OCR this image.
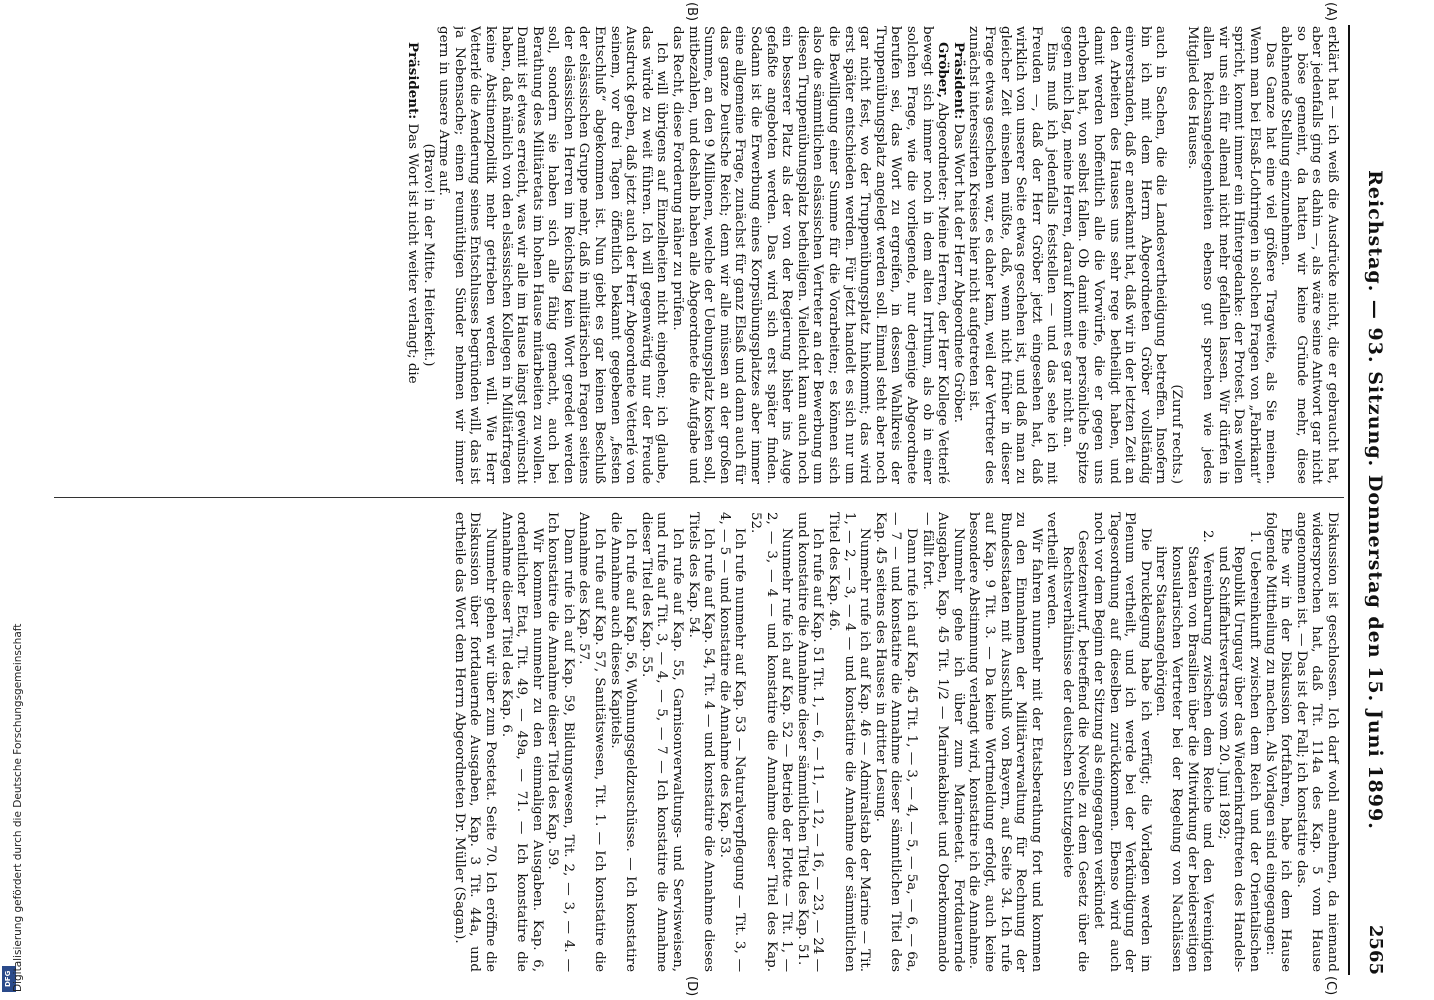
Reichstag. — 93. Sitzung. Donnerstag den 15. Juni 1899.
2565
(A)
(B)
(C)
(D)

erklärt hat — ich weiß die Ausdrücke nicht, die er gebraucht hat, aber jedenfalls ging es dahin —, als wäre seine Antwort gar nicht so böse gemeint, da hatten wir keine Gründe mehr, diese ablehnende Stellung einzunehmen.

Das Ganze hat eine viel größere Tragweite, als Sie meinen. Wenn man bei Elsaß-Lothringen in solchen Fragen von „Fabrikant“ spricht, kommt immer ein Hintergedanke: der Protest. Das wollen wir uns ein für allemal nicht mehr gefallen lassen. Wir dürfen in allen Reichsangelegenheiten ebenso gut sprechen wie jedes Mitglied des Hauses.

(Zuruf rechts.)

auch in Sachen, die die Landesvertheidigung betreffen. Insofern bin ich mit dem Herrn Abgeordneten Gröber vollständig einverstanden, daß er anerkannt hat, daß wir in der letzten Zeit an den Arbeiten des Hauses uns sehr rege betheiligt haben, und damit werden hoffentlich alle die Vorwürfe, die er gegen uns erhoben hat, von selbst fallen. Ob damit eine persönliche Spitze gegen mich lag, meine Herren, darauf kommt es gar nicht an.

Eins muß ich jedenfalls feststellen — und das sehe ich mit Freuden —, daß der Herr Gröber jetzt eingesehen hat, daß wirklich von unserer Seite etwas geschehen ist, und daß man zu gleicher Zeit einsehen müßte, daß, wenn nicht früher in dieser Frage etwas geschehen war, es daher kam, weil der Vertreter des zunächst interessirten Kreises hier nicht aufgetreten ist.

Präsident: Das Wort hat der Herr Abgeordnete Gröber.

Gröber, Abgeordneter: Meine Herren, der Herr Kollege Vetterlé bewegt sich immer noch in dem alten Irrthum, als ob in einer solchen Frage, wie die vorliegende, nur derjenige Abgeordnete berufen sei, das Wort zu ergreifen, in dessen Wahlkreis der Truppenübungsplatz angelegt werden soll. Einmal steht aber noch gar nicht fest, wo der Truppenübungsplatz hinkommt; das wird erst später entschieden werden. Für jetzt handelt es sich nur um die Bewilligung einer Summe für die Vorarbeiten; es können sich also die sämmtlichen elsässischen Vertreter an der Bewerbung um diesen Truppenübungsplatz betheiligen. Vielleicht kann auch noch ein besserer Platz als der von der Regierung bisher ins Auge gefaßte angeboten werden. Das wird sich erst später finden. Sodann ist die Erwerbung eines Korpsübungsplatzes aber immer eine allgemeine Frage, zunächst für ganz Elsaß und dann auch für das ganze Deutsche Reich; denn wir alle müssen an der großen Summe, an den 9 Millionen, welche der Uebungsplatz kosten soll, mitbezahlen, und deshalb haben alle Abgeordnete die Aufgabe und das Recht, diese Forderung näher zu prüfen.

Ich will übrigens auf Einzelheiten nicht eingehen; ich glaube, das würde zu weit führen. Ich will gegenwärtig nur der Freude Ausdruck geben, daß jetzt auch der Herr Abgeordnete Vetterlé von seinem, vor drei Tagen öffentlich bekannt gegebenen „festen Entschluß“ abgekommen ist. Nun giebt es gar keinen Beschluß der elsässischen Gruppe mehr, daß in militärischen Fragen seitens der elsässischen Herren im Reichstag kein Wort geredet werden soll, sondern sie haben sich alle fähig gemacht, auch bei Berathung des Militäretats im hohen Hause mitarbeiten zu wollen. Damit ist etwas erreicht, was wir alle im Hause längst gewünscht haben, daß nämlich von den elsässischen Kollegen in Militärfragen keine Abstinenzpolitik mehr getrieben werden will. Wie Herr Vetterlé die Aenderung seines Entschlusses begründen will, das ist ja Nebensache; einen reumüthigen Sünder nehmen wir immer gern in unsere Arme auf.

(Bravo! in der Mitte. Heiterkeit.)

Präsident: Das Wort ist nicht weiter verlangt; die

Diskussion ist geschlossen. Ich darf wohl annehmen, da niemand widersprochen hat, daß Tit. 114a des Kap. 5 vom Hause angenommen ist. — Das ist der Fall; ich konstatire das.

Ehe wir in der Diskussion fortfahren, habe ich dem Hause folgende Mittheilung zu machen. Als Vorlagen sind eingegangen:

1. Uebereinkunft zwischen dem Reich und der Orientalischen Republik Uruguay über das Wiederinkrafttreten des Handels- und Schiffahrtsvertrags vom 20. Juni 1892;

2. Vereinbarung zwischen dem Reiche und den Vereinigten Staaten von Brasilien über die Mitwirkung der beiderseitigen konsularischen Vertreter bei der Regelung von Nachlässen ihrer Staatsangehörigen.

Die Drucklegung habe ich verfügt; die Vorlagen werden im Plenum vertheilt, und ich werde bei der Verkündigung der Tagesordnung auf dieselben zurückkommen. Ebenso wird auch noch vor dem Beginn der Sitzung als eingegangen verkündet

Gesetzentwurf, betreffend die Novelle zu dem Gesetz über die Rechtsverhältnisse der deutschen Schutzgebiete

vertheilt werden.

Wir fahren nunmehr mit der Etatsberathung fort und kommen zu den Einnahmen der Militärverwaltung für Rechnung der Bundesstaaten mit Ausschluß von Bayern, auf Seite 34. Ich rufe auf Kap. 9 Tit. 3. — Da keine Wortmeldung erfolgt, auch keine besondere Abstimmung verlangt wird, konstatire ich die Annahme.

Nunmehr gehe ich über zum Marineetat. Fortdauernde Ausgaben, Kap. 45 Tit. 1/2 — Marinekabinet und Oberkommando — fällt fort.

Dann rufe ich auf Kap. 45 Tit. 1, — 3, — 4, — 5, — 5a, — 6, — 6a, — 7 — und konstatire die Annahme dieser sämmtlichen Titel des Kap. 45 seitens des Hauses in dritter Lesung.

Nunmehr rufe ich auf Kap. 46 — Admiralstab der Marine — Tit. 1, — 2, — 3, — 4 — und konstatire die Annahme der sämmtlichen Titel des Kap. 46.

Ich rufe auf Kap. 51 Tit. 1, — 6, — 11, — 12, — 16, — 23, — 24 — und konstatire die Annahme dieser sämmtlichen Titel des Kap. 51.

Nunmehr rufe ich auf Kap. 52 — Betrieb der Flotte — Tit. 1, — 2, — 3, — 4 — und konstatire die Annahme dieser Titel des Kap. 52.

Ich rufe nunmehr auf Kap. 53 — Naturalverpflegung — Tit. 3, — 4, — 5 — und konstatire die Annahme des Kap. 53.

Ich rufe auf Kap. 54, Tit. 4 — und konstatire die Annahme dieses Titels des Kap. 54.

Ich rufe auf Kap. 55, Garnisonverwaltungs- und Servisweisen, und rufe auf Tit. 3, — 4, — 5, — 7 — Ich konstatire die Annahme dieser Titel des Kap. 55.

Ich rufe auf Kap. 56, Wohnungsgeldzuschüsse. — Ich konstatire die Annahme auch dieses Kapitels.

Ich rufe auf Kap. 57, Sanitätswesen, Tit. 1. — Ich konstatire die Annahme des Kap. 57.

Dann rufe ich auf Kap. 59, Bildungswesen, Tit. 2, — 3, — 4. — Ich konstatire die Annahme dieser Titel des Kap. 59.

Wir kommen nunmehr zu den einmaligen Ausgaben. Kap. 6, ordentlicher Etat, Tit. 49, — 49a, — 71. — Ich konstatire die Annahme dieser Titel des Kap. 6.

Nunmehr gehen wir über zum Postetat. Seite 70. Ich eröffne die Diskussion über fortdauernde Ausgaben, Kap. 3 Tit. 44a, und ertheile das Wort dem Herrn Abgeordneten Dr. Müller (Sagan).

DFG Digitalisierung gefördert durch die Deutsche Forschungsgemeinschaft
